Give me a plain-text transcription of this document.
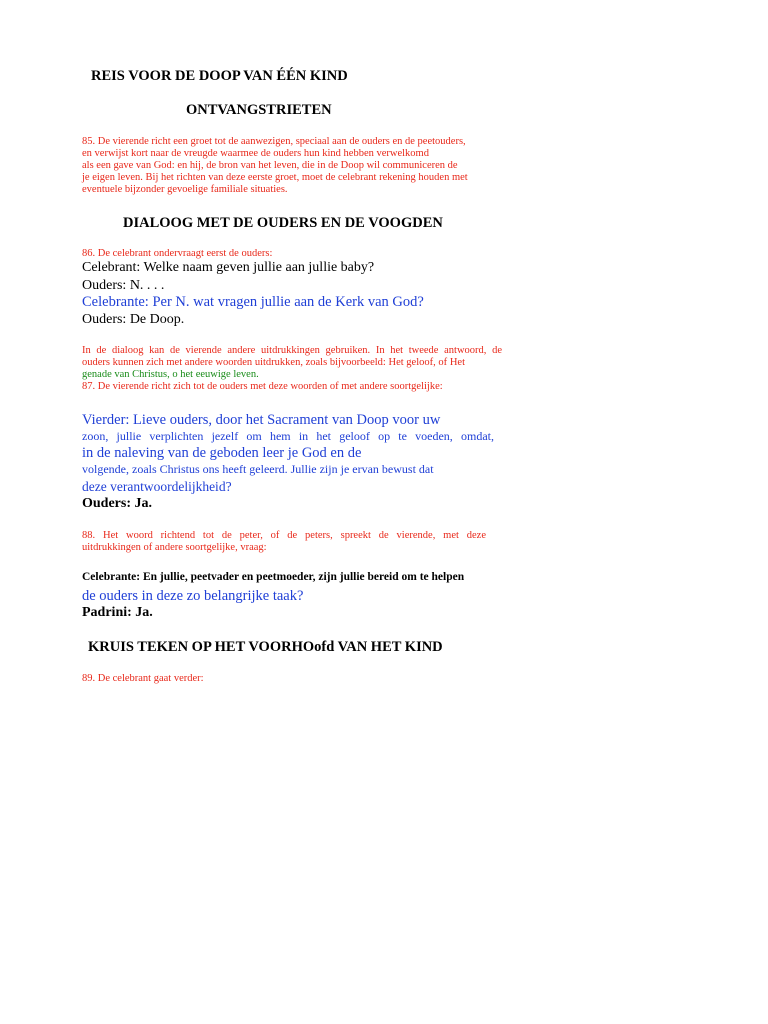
REIS VOOR DE DOOP VAN ÉÉN KIND

ONTVANGSTRIETEN

85. De vierende richt een groet tot de aanwezigen, speciaal aan de ouders en de peetouders,

en verwijst kort naar de vreugde waarmee de ouders hun kind hebben verwelkomd

als een gave van God: en hij, de bron van het leven, die in de Doop wil communiceren de

je eigen leven. Bij het richten van deze eerste groet, moet de celebrant rekening houden met

eventuele bijzonder gevoelige familiale situaties.

DIALOOG MET DE OUDERS EN DE VOOGDEN

86. De celebrant ondervraagt eerst de ouders:

Celebrant: Welke naam geven jullie aan jullie baby?

Ouders: N. . . .

Celebrante: Per N. wat vragen jullie aan de Kerk van God?

Ouders: De Doop.

In de dialoog kan de vierende andere uitdrukkingen gebruiken. In het tweede antwoord, de

ouders kunnen zich met andere woorden uitdrukken, zoals bijvoorbeeld: Het geloof, of Het

genade van Christus, o het eeuwige leven.

87. De vierende richt zich tot de ouders met deze woorden of met andere soortgelijke:

Vierder: Lieve ouders, door het Sacrament van Doop voor uw

zoon, jullie verplichten jezelf om hem in het geloof op te voeden, omdat,

in de naleving van de geboden leer je God en de

volgende, zoals Christus ons heeft geleerd. Jullie zijn je ervan bewust dat

deze verantwoordelijkheid?

Ouders: Ja.

88. Het woord richtend tot de peter, of de peters, spreekt de vierende, met deze

uitdrukkingen of andere soortgelijke, vraag:

Celebrante: En jullie, peetvader en peetmoeder, zijn jullie bereid om te helpen

de ouders in deze zo belangrijke taak?

Padrini: Ja.

KRUIS TEKEN OP HET VOORHOofd VAN HET KIND

89. De celebrant gaat verder:
